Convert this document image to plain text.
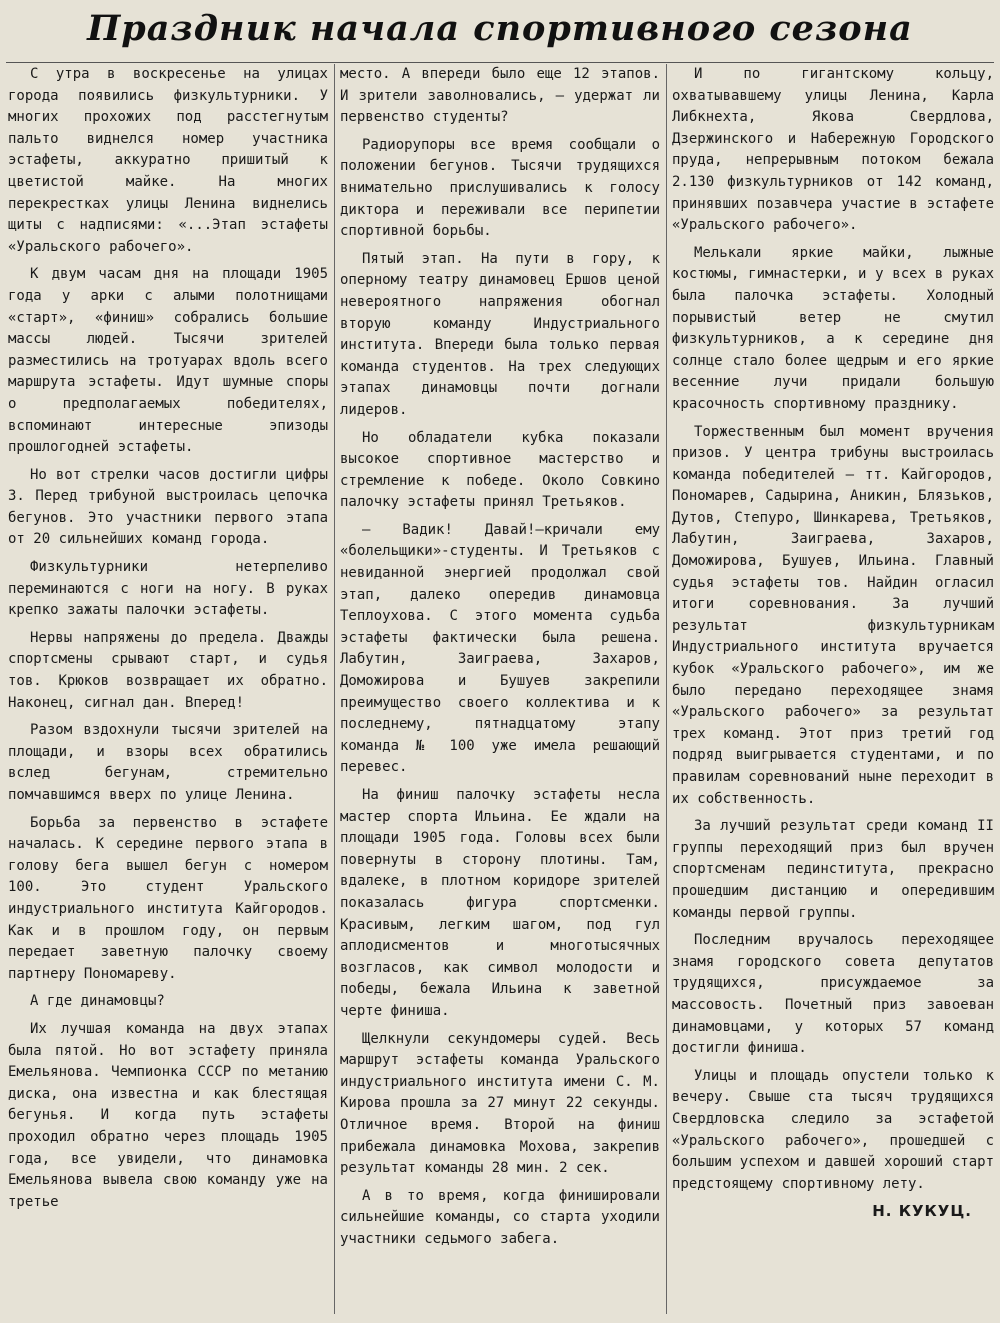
Праздник начала спортивного сезона

С утра в воскресенье на улицах города появились физкультурники. У многих прохожих под расстегнутым пальто виднелся номер участника эстафеты, аккуратно пришитый к цветистой майке. На многих перекрестках улицы Ленина виднелись щиты с надписями: «...Этап эстафеты «Уральского рабочего».

К двум часам дня на площади 1905 года у арки с алыми полотнищами «старт», «финиш» собрались большие массы людей. Тысячи зрителей разместились на тротуарах вдоль всего маршрута эстафеты. Идут шумные споры о предполагаемых победителях, вспоминают интересные эпизоды прошлогодней эстафеты.

Но вот стрелки часов достигли цифры 3. Перед трибуной выстроилась цепочка бегунов. Это участники первого этапа от 20 сильнейших команд города.

Физкультурники нетерпеливо переминаются с ноги на ногу. В руках крепко зажаты палочки эстафеты.

Нервы напряжены до предела. Дважды спортсмены срывают старт, и судья тов. Крюков возвращает их обратно. Наконец, сигнал дан. Вперед!

Разом вздохнули тысячи зрителей на площади, и взоры всех обратились вслед бегунам, стремительно помчавшимся вверх по улице Ленина.

Борьба за первенство в эстафете началась. К середине первого этапа в голову бега вышел бегун с номером 100. Это студент Уральского индустриального института Кайгородов. Как и в прошлом году, он первым передает заветную палочку своему партнеру Пономареву.

А где динамовцы?

Их лучшая команда на двух этапах была пятой. Но вот эстафету приняла Емельянова. Чемпионка СССР по метанию диска, она известна и как блестящая бегунья. И когда путь эстафеты проходил обратно через площадь 1905 года, все увидели, что динамовка Емельянова вывела свою команду уже на третье

место. А впереди было еще 12 этапов. И зрители заволновались, — удержат ли первенство студенты?

Радиорупоры все время сообщали о положении бегунов. Тысячи трудящихся внимательно прислушивались к голосу диктора и переживали все перипетии спортивной борьбы.

Пятый этап. На пути в гору, к оперному театру динамовец Ершов ценой невероятного напряжения обогнал вторую команду Индустриального института. Впереди была только первая команда студентов. На трех следующих этапах динамовцы почти догнали лидеров.

Но обладатели кубка показали высокое спортивное мастерство и стремление к победе. Около Совкино палочку эстафеты принял Третьяков.

— Вадик! Давай!—кричали ему «болельщики»-студенты. И Третьяков с невиданной энергией продолжал свой этап, далеко опередив динамовца Теплоухова. С этого момента судьба эстафеты фактически была решена. Лабутин, Заиграева, Захаров, Доможирова и Бушуев закрепили преимущество своего коллектива и к последнему, пятнадцатому этапу команда № 100 уже имела решающий перевес.

На финиш палочку эстафеты несла мастер спорта Ильина. Ее ждали на площади 1905 года. Головы всех были повернуты в сторону плотины. Там, вдалеке, в плотном коридоре зрителей показалась фигура спортсменки. Красивым, легким шагом, под гул аплодисментов и многотысячных возгласов, как символ молодости и победы, бежала Ильина к заветной черте финиша.

Щелкнули секундомеры судей. Весь маршрут эстафеты команда Уральского индустриального института имени С. М. Кирова прошла за 27 минут 22 секунды. Отличное время. Второй на финиш прибежала динамовка Мохова, закрепив результат команды 28 мин. 2 сек.

А в то время, когда финишировали сильнейшие команды, со старта уходили участники седьмого забега.

И по гигантскому кольцу, охватывавшему улицы Ленина, Карла Либкнехта, Якова Свердлова, Дзержинского и Набережную Городского пруда, непрерывным потоком бежала 2.130 физкультурников от 142 команд, принявших позавчера участие в эстафете «Уральского рабочего».

Мелькали яркие майки, лыжные костюмы, гимнастерки, и у всех в руках была палочка эстафеты. Холодный порывистый ветер не смутил физкультурников, а к середине дня солнце стало более щедрым и его яркие весенние лучи придали большую красочность спортивному празднику.

Торжественным был момент вручения призов. У центра трибуны выстроилась команда победителей — тт. Кайгородов, Пономарев, Садырина, Аникин, Блязьков, Дутов, Степуро, Шинкарева, Третьяков, Лабутин, Заиграева, Захаров, Доможирова, Бушуев, Ильина. Главный судья эстафеты тов. Найдин огласил итоги соревнования. За лучший результат физкультурникам Индустриального института вручается кубок «Уральского рабочего», им же было передано переходящее знамя «Уральского рабочего» за результат трех команд. Этот приз третий год подряд выигрывается студентами, и по правилам соревнований ныне переходит в их собственность.

За лучший результат среди команд II группы переходящий приз был вручен спортсменам пединститута, прекрасно прошедшим дистанцию и опередившим команды первой группы.

Последним вручалось переходящее знамя городского совета депутатов трудящихся, присуждаемое за массовость. Почетный приз завоеван динамовцами, у которых 57 команд достигли финиша.

Улицы и площадь опустели только к вечеру. Свыше ста тысяч трудящихся Свердловска следило за эстафетой «Уральского рабочего», прошедшей с большим успехом и давшей хороший старт предстоящему спортивному лету.

Н. КУКУЦ.
